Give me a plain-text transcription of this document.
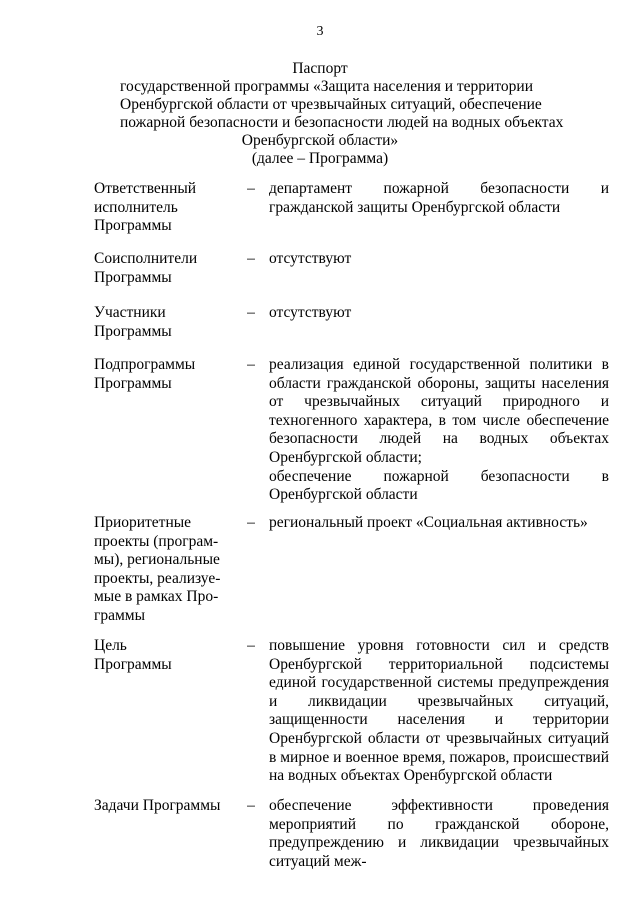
3
Паспорт
государственной программы «Защита населения и территории
Оренбургской области от чрезвычайных ситуаций, обеспечение
пожарной безопасности и безопасности людей на водных объектах
Оренбургской области»
(далее – Программа)
Ответственный
исполнитель
Программы
– департамент пожарной безопасности и гражданской защиты Оренбургской области

Соисполнители
Программы
– отсутствуют

Участники
Программы
– отсутствуют

Подпрограммы
Программы
– реализация единой государственной политики в области гражданской обороны, защиты населения от чрезвычайных ситуаций природного и техногенного характера, в том числе обеспечение безопасности людей на водных объектах Оренбургской области;

обеспечение пожарной безопасности в Оренбургской области

Приоритетные
проекты (програм-
мы), региональные
проекты, реализуе-
мые в рамках Про-
граммы
– региональный проект «Социальная активность»

Цель
Программы
– повышение уровня готовности сил и средств Оренбургской территориальной подсистемы единой государственной системы предупреждения и ликвидации чрезвычайных ситуаций, защищенности населения и территории Оренбургской области от чрезвычайных ситуаций в мирное и военное время, пожаров, происшествий на водных объектах Оренбургской области

Задачи Программы	– обеспечение эффективности проведения мероприятий по гражданской обороне, предупреждению и ликвидации чрезвычайных ситуаций меж-
